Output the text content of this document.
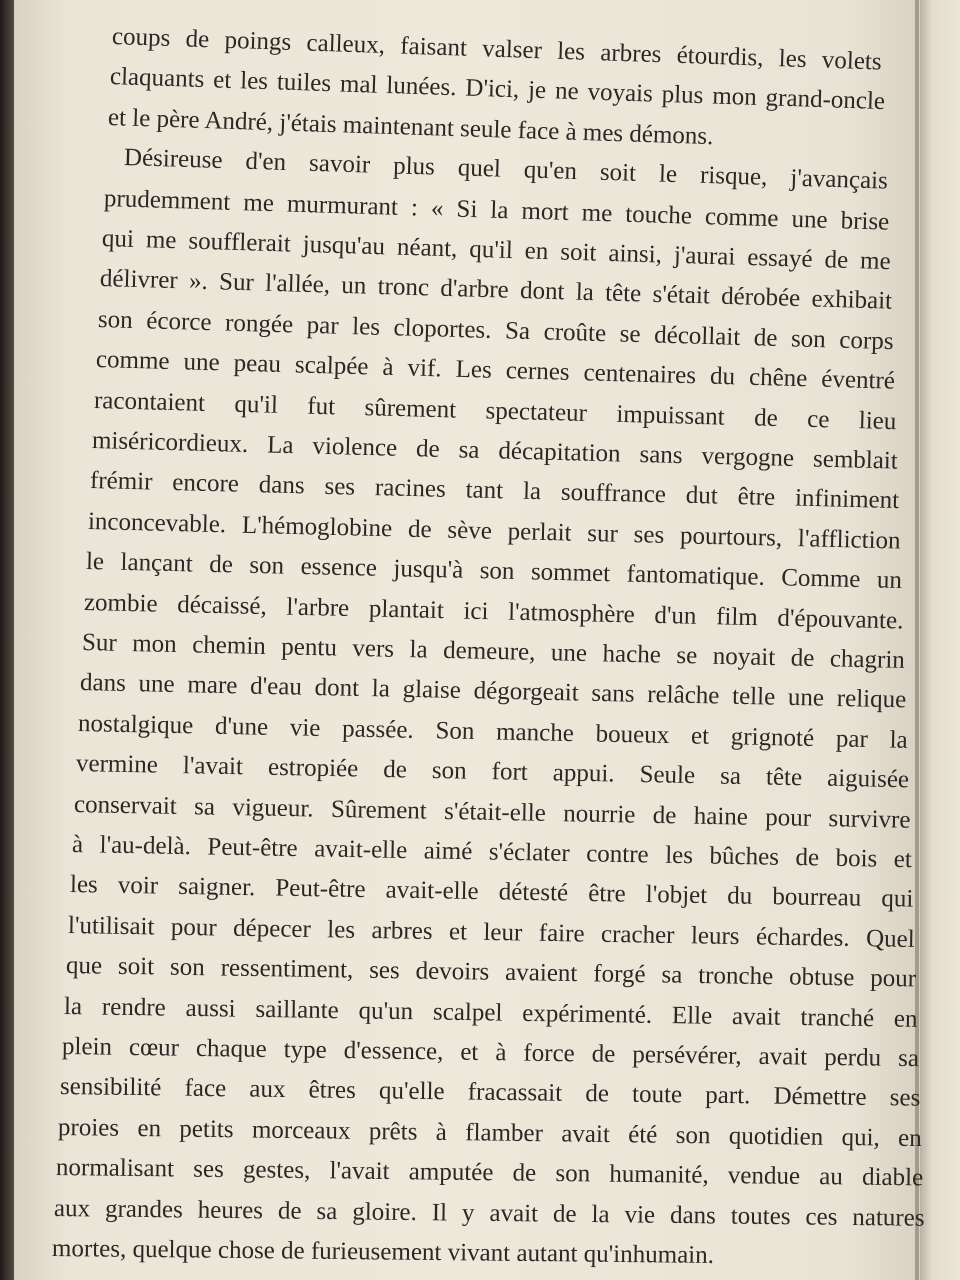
coups de poings calleux, faisant valser les arbres étourdis, les volets
claquants et les tuiles mal lunées. D'ici, je ne voyais plus mon grand-oncle
et le père André, j'étais maintenant seule face à mes démons.
Désireuse d'en savoir plus quel qu'en soit le risque, j'avançais
prudemment me murmurant : « Si la mort me touche comme une brise
qui me soufflerait jusqu'au néant, qu'il en soit ainsi, j'aurai essayé de me
délivrer ». Sur l'allée, un tronc d'arbre dont la tête s'était dérobée exhibait
son écorce rongée par les cloportes. Sa croûte se décollait de son corps
comme une peau scalpée à vif. Les cernes centenaires du chêne éventré
racontaient qu'il fut sûrement spectateur impuissant de ce lieu
miséricordieux. La violence de sa décapitation sans vergogne semblait
frémir encore dans ses racines tant la souffrance dut être infiniment
inconcevable. L'hémoglobine de sève perlait sur ses pourtours, l'affliction
le lançant de son essence jusqu'à son sommet fantomatique. Comme un
zombie décaissé, l'arbre plantait ici l'atmosphère d'un film d'épouvante.
Sur mon chemin pentu vers la demeure, une hache se noyait de chagrin
dans une mare d'eau dont la glaise dégorgeait sans relâche telle une relique
nostalgique d'une vie passée. Son manche boueux et grignoté par la
vermine l'avait estropiée de son fort appui. Seule sa tête aiguisée
conservait sa vigueur. Sûrement s'était-elle nourrie de haine pour survivre
à l'au-delà. Peut-être avait-elle aimé s'éclater contre les bûches de bois et
les voir saigner. Peut-être avait-elle détesté être l'objet du bourreau qui
l'utilisait pour dépecer les arbres et leur faire cracher leurs échardes. Quel
que soit son ressentiment, ses devoirs avaient forgé sa tronche obtuse pour
la rendre aussi saillante qu'un scalpel expérimenté. Elle avait tranché en
plein cœur chaque type d'essence, et à force de persévérer, avait perdu sa
sensibilité face aux êtres qu'elle fracassait de toute part. Démettre ses
proies en petits morceaux prêts à flamber avait été son quotidien qui, en
normalisant ses gestes, l'avait amputée de son humanité, vendue au diable
aux grandes heures de sa gloire. Il y avait de la vie dans toutes ces natures
mortes, quelque chose de furieusement vivant autant qu'inhumain.
